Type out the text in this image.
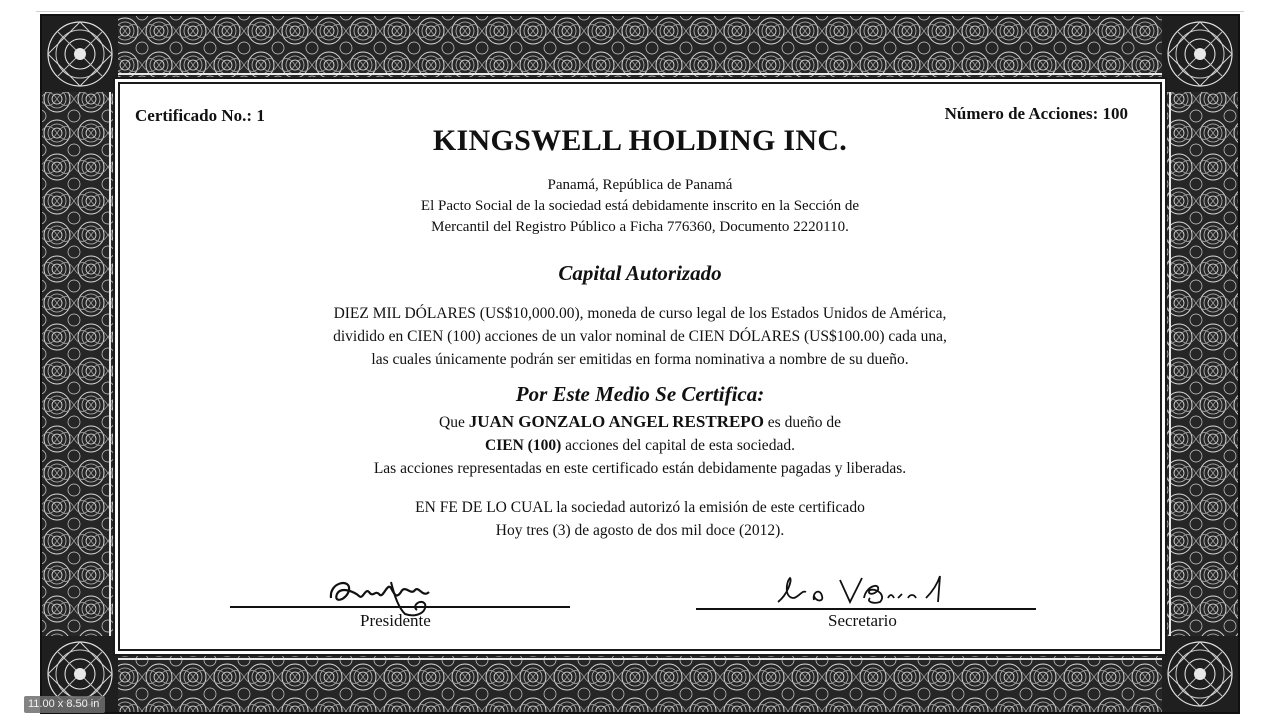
Certificado No.: 1	Número de Acciones: 100
KINGSWELL HOLDING INC.
Panamá, República de Panamá
El Pacto Social de la sociedad está debidamente inscrito en la Sección de
Mercantil del Registro Público a Ficha 776360, Documento 2220110.
Capital Autorizado
DIEZ MIL DÓLARES (US$10,000.00), moneda de curso legal de los Estados Unidos de América,
dividido en CIEN (100) acciones de un valor nominal de CIEN DÓLARES (US$100.00) cada una,
las cuales únicamente podrán ser emitidas en forma nominativa a nombre de su dueño.
Por Este Medio Se Certifica:
Que JUAN GONZALO ANGEL RESTREPO es dueño de
CIEN (100) acciones del capital de esta sociedad.
Las acciones representadas en este certificado están debidamente pagadas y liberadas.
EN FE DE LO CUAL la sociedad autorizó la emisión de este certificado
Hoy tres (3) de agosto de dos mil doce (2012).
Presidente	Secretario
11.00 x 8.50 in
